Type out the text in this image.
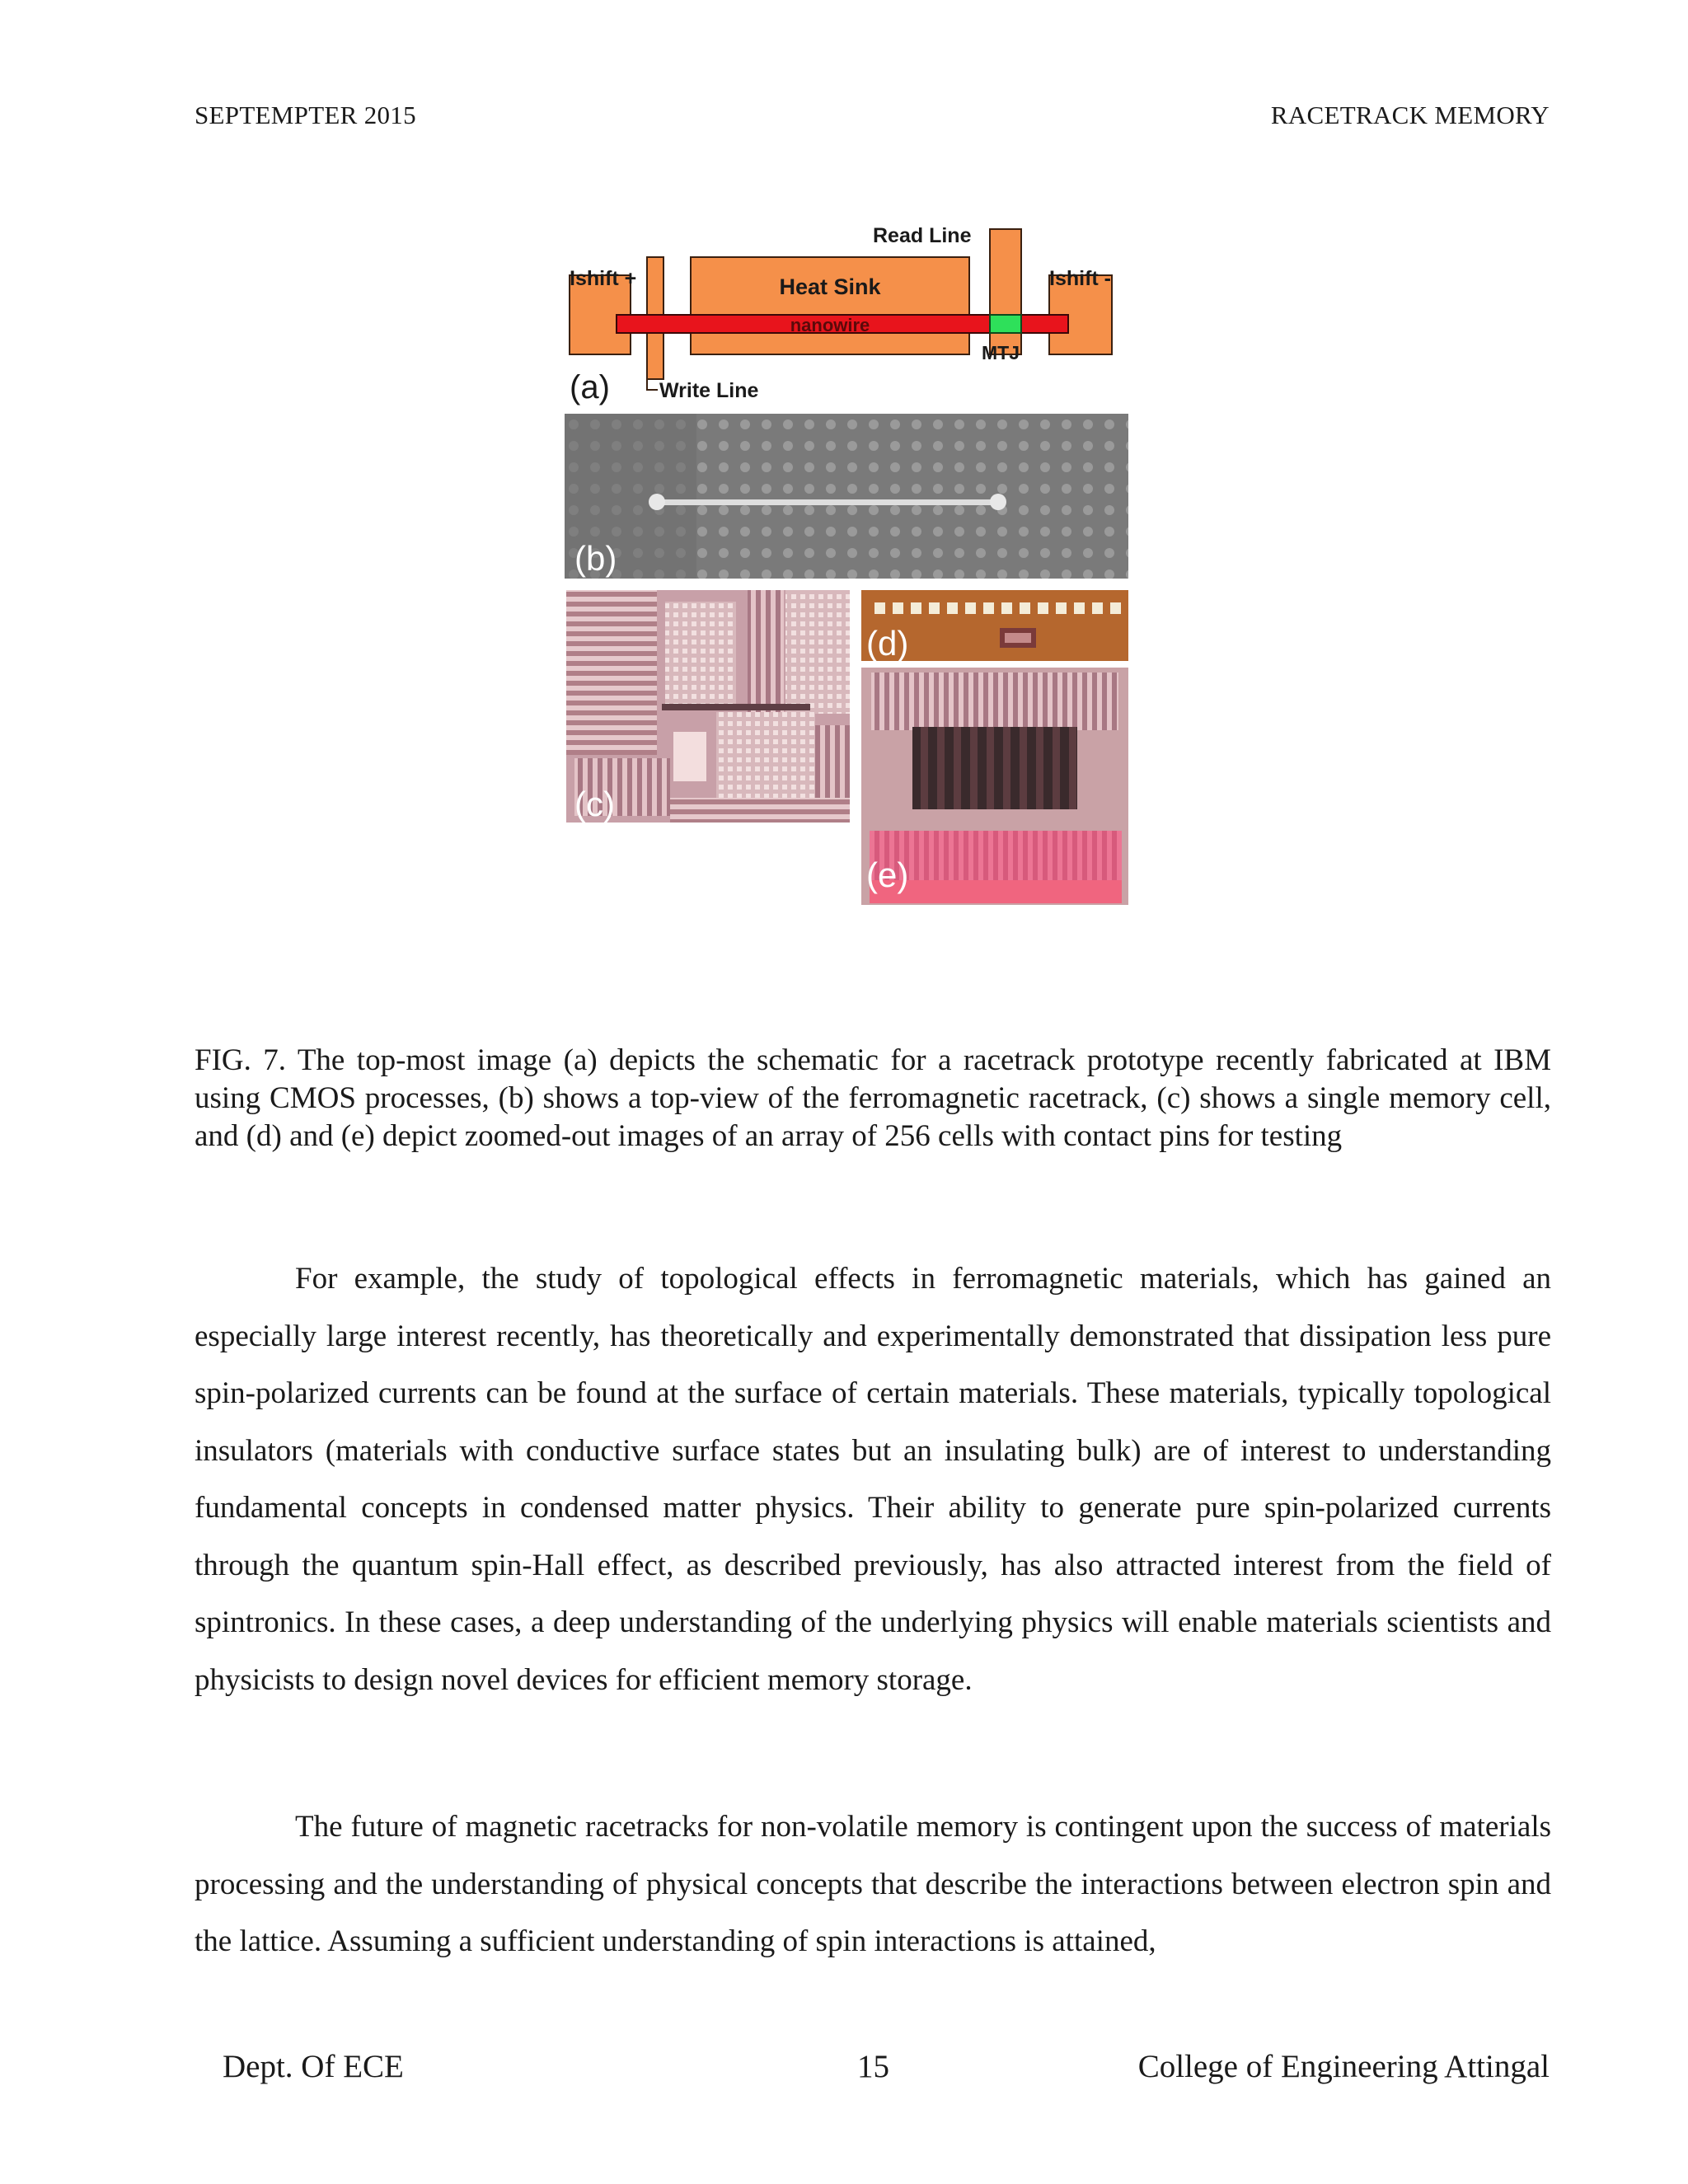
SEPTEMPTER 2015	RACETRACK MEMORY
Read Line
Ishift +	Ishift -
Heat Sink
nanowire
MTJ
Write Line
(a)
(b)
(c)
(d)
(e)
FIG. 7. The top-most image (a) depicts the schematic for a racetrack prototype recently fabricated at IBM using CMOS processes, (b) shows a top-view of the ferromagnetic racetrack, (c) shows a single memory cell, and (d) and (e) depict zoomed-out images of an array of 256 cells with contact pins for testing

For example, the study of topological effects in ferromagnetic materials, which has gained an especially large interest recently, has theoretically and experimentally demonstrated that dissipation less pure spin-polarized currents can be found at the surface of certain materials. These materials, typically topological insulators (materials with conductive surface states but an insulating bulk) are of interest to understanding fundamental concepts in condensed matter physics. Their ability to generate pure spin-polarized currents through the quantum spin-Hall effect, as described previously, has also attracted interest from the field of spintronics. In these cases, a deep understanding of the underlying physics will enable materials scientists and physicists to design novel devices for efficient memory storage.

The future of magnetic racetracks for non-volatile memory is contingent upon the success of materials processing and the understanding of physical concepts that describe the interactions between electron spin and the lattice. Assuming a sufficient understanding of spin interactions is attained,

Dept. Of ECE	15	College of Engineering Attingal
